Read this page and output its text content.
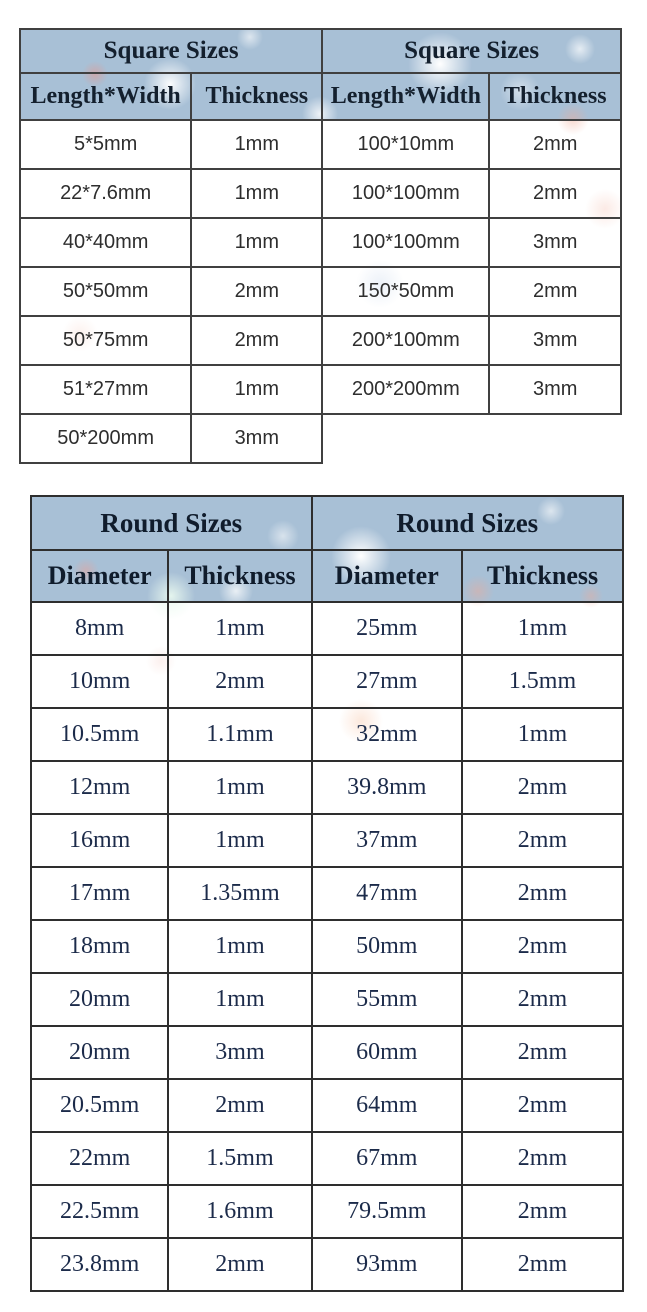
Square Sizes		Square Sizes	
Length*Width	Thickness	Length*Width	Thickness
5*5mm	1mm	100*10mm	2mm
22*7.6mm	1mm	100*100mm	2mm
40*40mm	1mm	100*100mm	3mm
50*50mm	2mm	150*50mm	2mm
50*75mm	2mm	200*100mm	3mm
51*27mm	1mm	200*200mm	3mm
50*200mm	3mm		
Round Sizes		Round Sizes	
Diameter	Thickness	Diameter	Thickness
8mm	1mm	25mm	1mm
10mm	2mm	27mm	1.5mm
10.5mm	1.1mm	32mm	1mm
12mm	1mm	39.8mm	2mm
16mm	1mm	37mm	2mm
17mm	1.35mm	47mm	2mm
18mm	1mm	50mm	2mm
20mm	1mm	55mm	2mm
20mm	3mm	60mm	2mm
20.5mm	2mm	64mm	2mm
22mm	1.5mm	67mm	2mm
22.5mm	1.6mm	79.5mm	2mm
23.8mm	2mm	93mm	2mm
